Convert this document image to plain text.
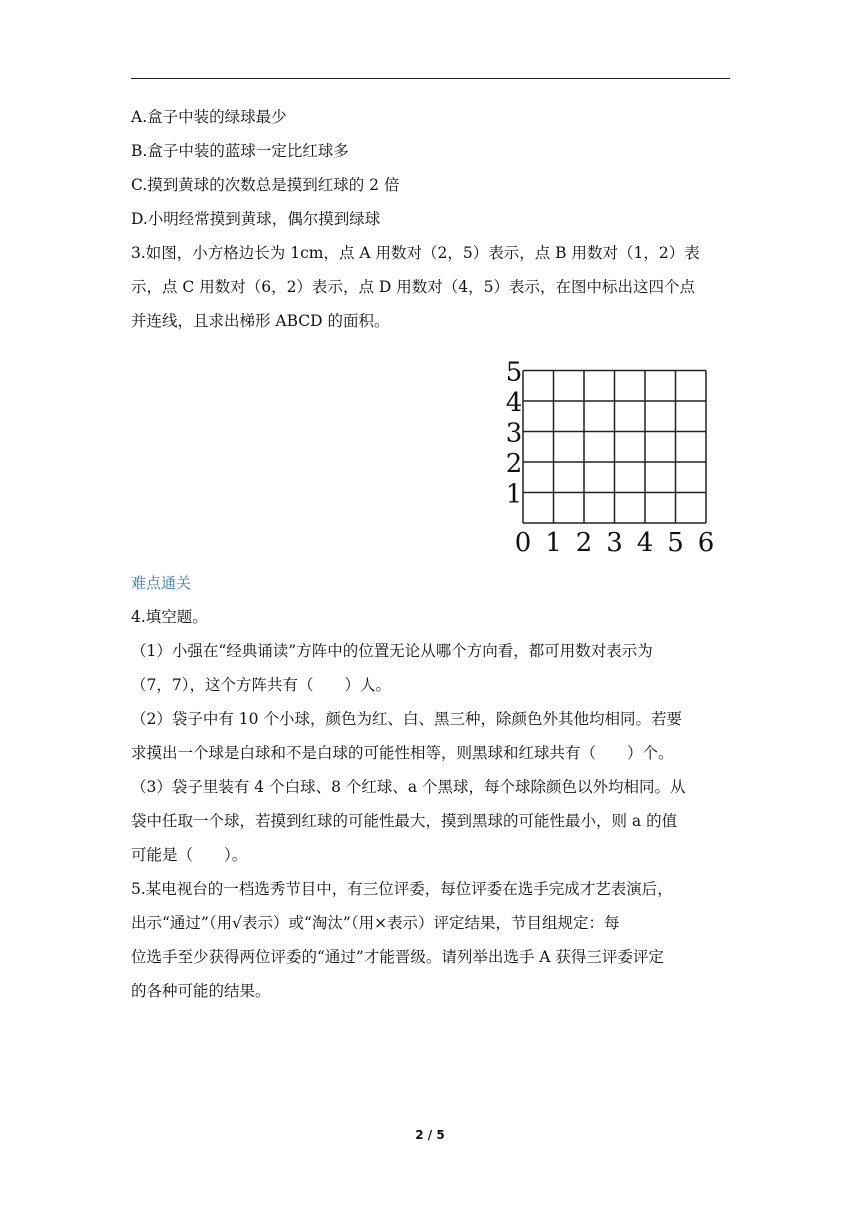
A.盒子中装的绿球最少
B.盒子中装的蓝球一定比红球多
C.摸到黄球的次数总是摸到红球的 2 倍
D.小明经常摸到黄球，偶尔摸到绿球
3.如图，小方格边长为 1cm，点 A 用数对（2，5）表示，点 B 用数对（1，2）表
示，点 C 用数对（6，2）表示，点 D 用数对（4，5）表示，在图中标出这四个点
并连线，且求出梯形 ABCD 的面积。
0 1 2 3 4 5 6
1
2
3
4
5
难点通关
4.填空题。
（1）小强在“经典诵读”方阵中的位置无论从哪个方向看，都可用数对表示为
（7，7），这个方阵共有（　　）人。
（2）袋子中有 10 个小球，颜色为红、白、黑三种，除颜色外其他均相同。若要
求摸出一个球是白球和不是白球的可能性相等，则黑球和红球共有（　　）个。
（3）袋子里装有 4 个白球、8 个红球、a 个黑球，每个球除颜色以外均相同。从
袋中任取一个球，若摸到红球的可能性最大，摸到黑球的可能性最小，则 a 的值
可能是（　　）。
5.某电视台的一档选秀节目中，有三位评委，每位评委在选手完成才艺表演后，
出示“通过”（用√表示）或“淘汰”（用×表示）评定结果，节目组规定：每
位选手至少获得两位评委的“通过”才能晋级。请列举出选手 A 获得三评委评定
的各种可能的结果。
2 / 5
